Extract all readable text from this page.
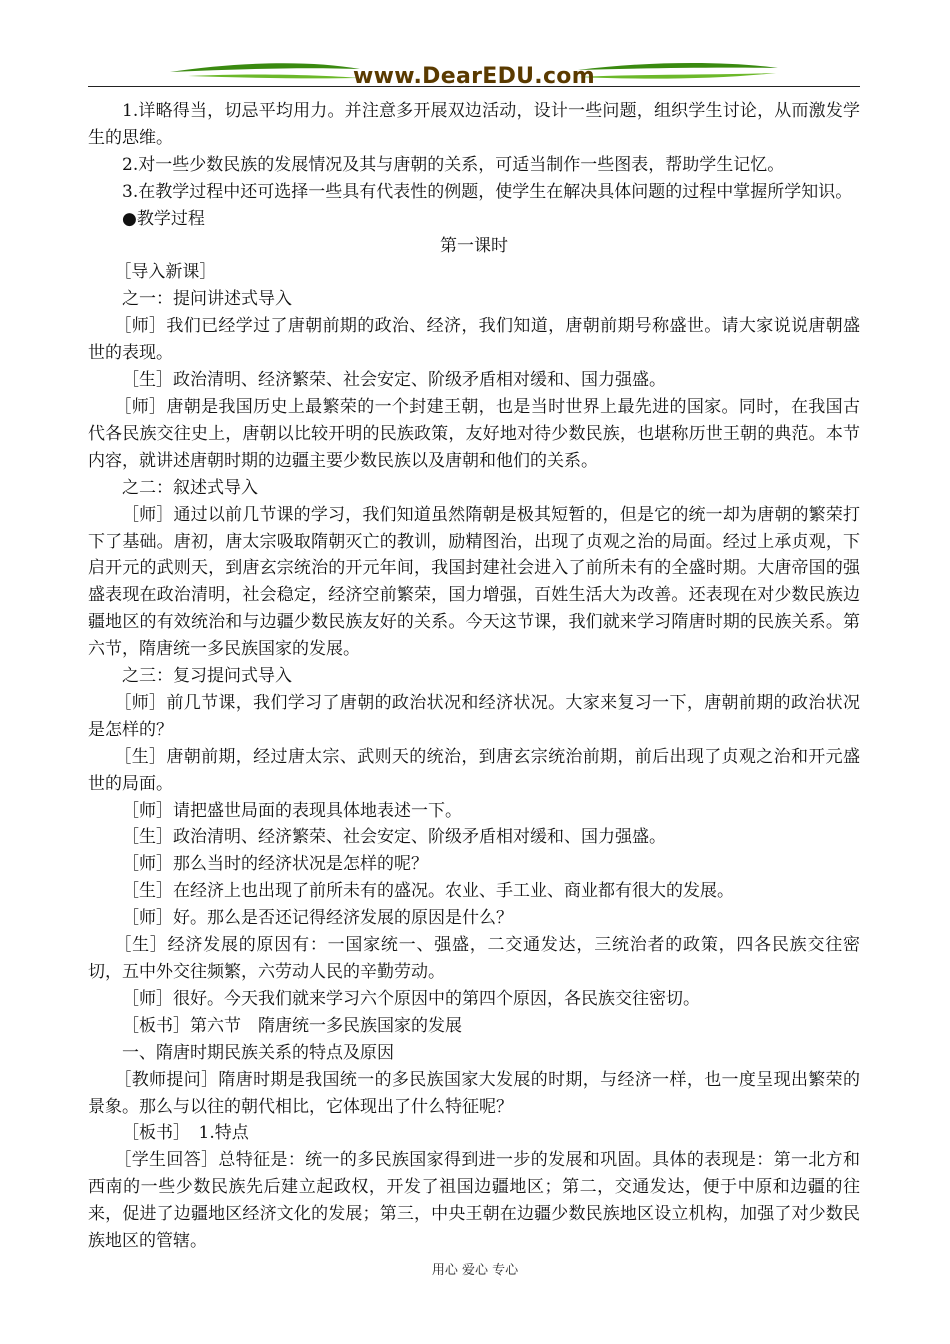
www.DearEDU.com

1.详略得当，切忌平均用力。并注意多开展双边活动，设计一些问题，组织学生讨论，从而激发学生的思维。

2.对一些少数民族的发展情况及其与唐朝的关系，可适当制作一些图表，帮助学生记忆。

3.在教学过程中还可选择一些具有代表性的例题，使学生在解决具体问题的过程中掌握所学知识。

●教学过程

第一课时

［导入新课］

之一：提问讲述式导入

［师］我们已经学过了唐朝前期的政治、经济，我们知道，唐朝前期号称盛世。请大家说说唐朝盛世的表现。

［生］政治清明、经济繁荣、社会安定、阶级矛盾相对缓和、国力强盛。

［师］唐朝是我国历史上最繁荣的一个封建王朝，也是当时世界上最先进的国家。同时，在我国古代各民族交往史上，唐朝以比较开明的民族政策，友好地对待少数民族，也堪称历世王朝的典范。本节内容，就讲述唐朝时期的边疆主要少数民族以及唐朝和他们的关系。

之二：叙述式导入

［师］通过以前几节课的学习，我们知道虽然隋朝是极其短暂的，但是它的统一却为唐朝的繁荣打下了基础。唐初，唐太宗吸取隋朝灭亡的教训，励精图治，出现了贞观之治的局面。经过上承贞观，下启开元的武则天，到唐玄宗统治的开元年间，我国封建社会进入了前所未有的全盛时期。大唐帝国的强盛表现在政治清明，社会稳定，经济空前繁荣，国力增强，百姓生活大为改善。还表现在对少数民族边疆地区的有效统治和与边疆少数民族友好的关系。今天这节课，我们就来学习隋唐时期的民族关系。第六节，隋唐统一多民族国家的发展。

之三：复习提问式导入

［师］前几节课，我们学习了唐朝的政治状况和经济状况。大家来复习一下，唐朝前期的政治状况是怎样的？

［生］唐朝前期，经过唐太宗、武则天的统治，到唐玄宗统治前期，前后出现了贞观之治和开元盛世的局面。

［师］请把盛世局面的表现具体地表述一下。

［生］政治清明、经济繁荣、社会安定、阶级矛盾相对缓和、国力强盛。

［师］那么当时的经济状况是怎样的呢？

［生］在经济上也出现了前所未有的盛况。农业、手工业、商业都有很大的发展。

［师］好。那么是否还记得经济发展的原因是什么？

［生］经济发展的原因有：一国家统一、强盛，二交通发达，三统治者的政策，四各民族交往密切，五中外交往频繁，六劳动人民的辛勤劳动。

［师］很好。今天我们就来学习六个原因中的第四个原因，各民族交往密切。

［板书］第六节　隋唐统一多民族国家的发展

一、隋唐时期民族关系的特点及原因

［教师提问］隋唐时期是我国统一的多民族国家大发展的时期，与经济一样，也一度呈现出繁荣的景象。那么与以往的朝代相比，它体现出了什么特征呢？

［板书］　1.特点

［学生回答］总特征是：统一的多民族国家得到进一步的发展和巩固。具体的表现是：第一北方和西南的一些少数民族先后建立起政权，开发了祖国边疆地区；第二，交通发达，便于中原和边疆的往来，促进了边疆地区经济文化的发展；第三，中央王朝在边疆少数民族地区设立机构，加强了对少数民族地区的管辖。

用心 爱心 专心
